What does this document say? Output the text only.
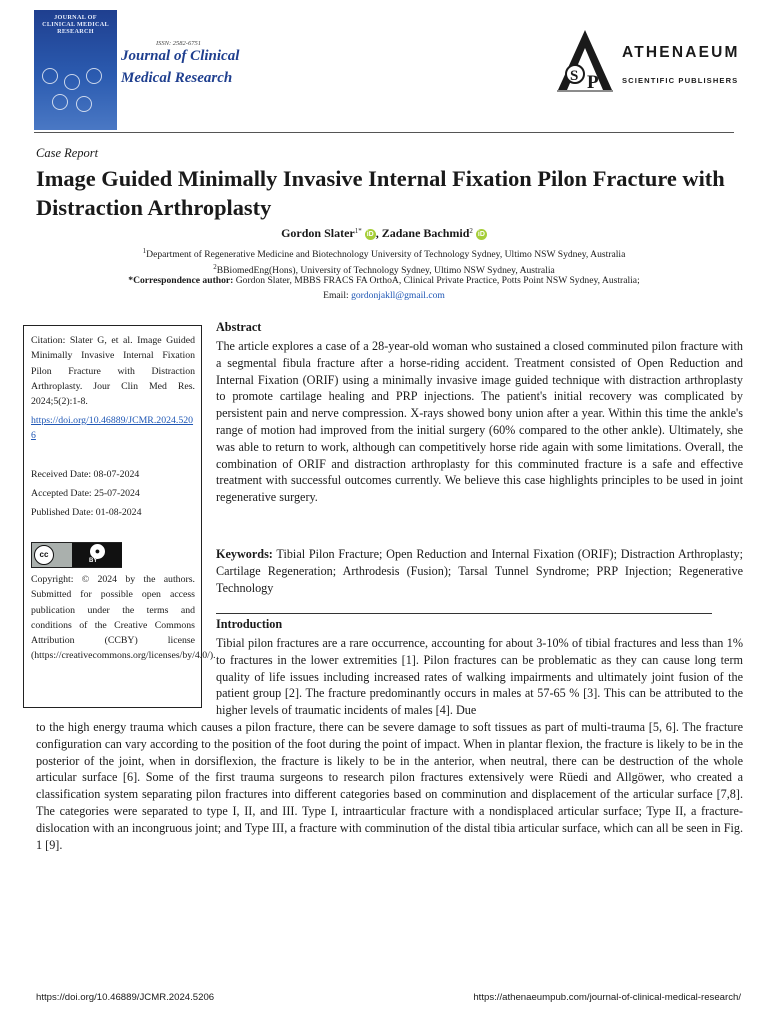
JOURNAL OF CLINICAL MEDICAL RESEARCH
ISSN: 2582-6751
Journal of Clinical
Medical Research	S P
ATHENAEUM
SCIENTIFIC PUBLISHERS
Case Report
Image Guided Minimally Invasive Internal Fixation Pilon Fracture with Distraction Arthroplasty
Gordon Slater$^{1*}$ iD , Zadane Bachmid$^2$ iD
$^1$Department of Regenerative Medicine and Biotechnology University of Technology Sydney, Ultimo NSW Sydney, Australia
$^2$BBiomedEng(Hons), University of Technology Sydney, Ultimo NSW Sydney, Australia
*Correspondence author: Gordon Slater, MBBS FRACS FA OrthoA, Clinical Private Practice, Potts Point NSW Sydney, Australia;
Email: gordonjakll@gmail.com
Citation: Slater G, et al. Image Guided Minimally Invasive Internal Fixation Pilon Fracture with Distraction Arthroplasty. Jour Clin Med Res. 2024;5(2):1-8.
https://doi.org/10.46889/JCMR.2024.5206
Received Date: 08-07-2024
Accepted Date: 25-07-2024
Published Date: 01-08-2024
cc	●
BY
Copyright: © 2024 by the authors. Submitted for possible open access publication under the terms and conditions of the Creative Commons Attribution (CCBY) license (https://creativecommons.org/licenses/by/4.0/).
Abstract
The article explores a case of a 28-year-old woman who sustained a closed comminuted pilon fracture with a segmental fibula fracture after a horse-riding accident. Treatment consisted of Open Reduction and Internal Fixation (ORIF) using a minimally invasive image guided technique with distraction arthroplasty to promote cartilage healing and PRP injections. The patient's initial recovery was complicated by persistent pain and nerve compression. X-rays showed bony union after a year. Within this time the ankle's range of motion had improved from the initial surgery (60% compared to the other ankle). Ultimately, she was able to return to work, although can competitively horse ride again with some limitations. Overall, the combination of ORIF and distraction arthroplasty for this comminuted fracture is a safe and effective treatment with successful outcomes currently. We believe this case highlights principles to be used in joint regenerative surgery.
Keywords: Tibial Pilon Fracture; Open Reduction and Internal Fixation (ORIF); Distraction Arthroplasty; Cartilage Regeneration; Arthrodesis (Fusion); Tarsal Tunnel Syndrome; PRP Injection; Regenerative Technology
Introduction
Tibial pilon fractures are a rare occurrence, accounting for about 3-10% of tibial fractures and less than 1% to fractures in the lower extremities [1]. Pilon fractures can be problematic as they can cause long term quality of life issues including increased rates of walking impairments and ultimately joint fusion of the patient group [2]. The fracture predominantly occurs in males at 57-65 % [3]. This can be attributed to the higher levels of traumatic incidents of males [4]. Due
to the high energy trauma which causes a pilon fracture, there can be severe damage to soft tissues as part of multi-trauma [5, 6]. The fracture configuration can vary according to the position of the foot during the point of impact. When in plantar flexion, the fracture is likely to be in the posterior of the joint, when in dorsiflexion, the fracture is likely to be in the anterior, when neutral, there can be destruction of the whole articular surface [6]. Some of the first trauma surgeons to research pilon fractures extensively were Rüedi and Allgöwer, who created a classification system separating pilon fractures into different categories based on comminution and displacement of the articular surface [7,8]. The categories were separated to type I, II, and III. Type I, intraarticular fracture with a nondisplaced articular surface; Type II, a fracture-dislocation with an incongruous joint; and Type III, a fracture with comminution of the distal tibia articular surface, which can all be seen in Fig. 1 [9].
https://doi.org/10.46889/JCMR.2024.5206	https://athenaeumpub.com/journal-of-clinical-medical-research/
